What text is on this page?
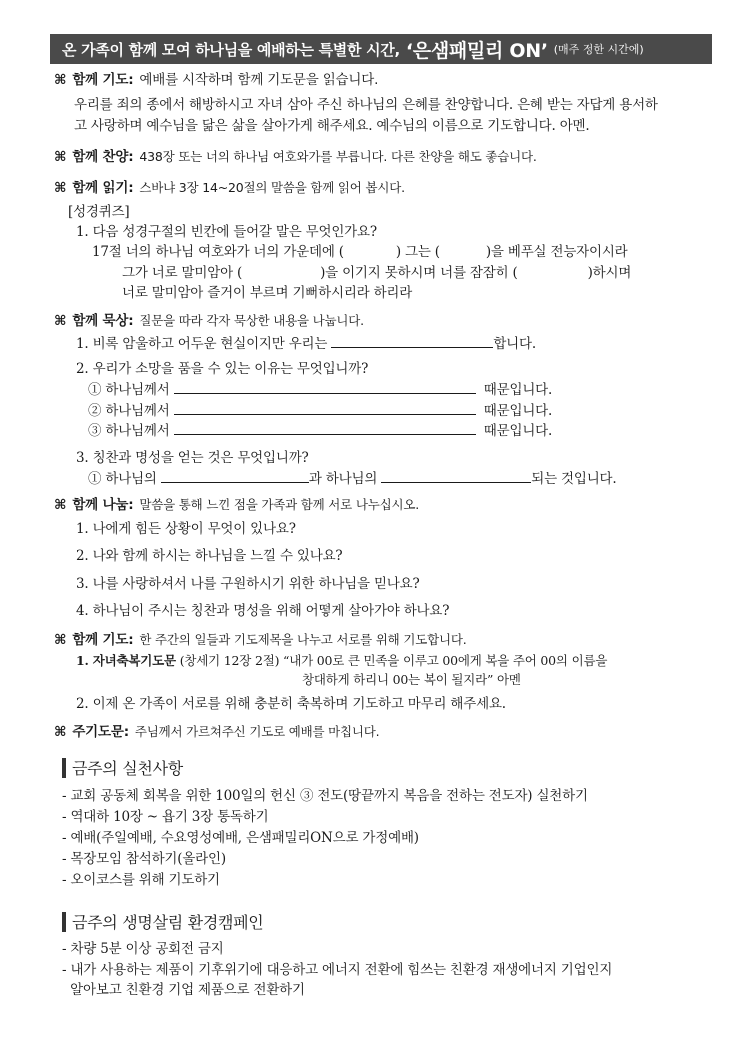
온 가족이 함께 모여 하나님을 예배하는 특별한 시간, ‘은샘패밀리 ON’ (매주 정한 시간에)
⌘ 함께 기도: 예배를 시작하며 함께 기도문을 읽습니다.
우리를 죄의 종에서 해방하시고 자녀 삼아 주신 하나님의 은혜를 찬양합니다. 은혜 받는 자답게 용서하
고 사랑하며 예수님을 닮은 삶을 살아가게 해주세요. 예수님의 이름으로 기도합니다. 아멘.
⌘ 함께 찬양: 438장 또는 너의 하나님 여호와가를 부릅니다. 다른 찬양을 해도 좋습니다.
⌘ 함께 읽기: 스바냐 3장 14~20절의 말씀을 함께 읽어 봅시다.
[성경퀴즈]
1. 다음 성경구절의 빈칸에 들어갈 말은 무엇인가요?
17절 너의 하나님 여호와가 너의 가운데에 (	) 그는 (	)을 베푸실 전능자이시라
그가 너로 말미암아 (	)을 이기지 못하시며 너를 잠잠히 (	)하시며
너로 말미암아 즐거이 부르며 기뻐하시리라 하리라
⌘ 함께 묵상: 질문을 따라 각자 묵상한 내용을 나눕니다.
1. 비록 암울하고 어두운 현실이지만 우리는	합니다.
2. 우리가 소망을 품을 수 있는 이유는 무엇입니까?
① 하나님께서	때문입니다.
② 하나님께서	때문입니다.
③ 하나님께서	때문입니다.
3. 칭찬과 명성을 얻는 것은 무엇입니까?
① 하나님의	과 하나님의	되는 것입니다.
⌘ 함께 나눔: 말씀을 통해 느낀 점을 가족과 함께 서로 나누십시오.
1. 나에게 힘든 상황이 무엇이 있나요?
2. 나와 함께 하시는 하나님을 느낄 수 있나요?
3. 나를 사랑하셔서 나를 구원하시기 위한 하나님을 믿나요?
4. 하나님이 주시는 칭찬과 명성을 위해 어떻게 살아가야 하나요?
⌘ 함께 기도: 한 주간의 일들과 기도제목을 나누고 서로를 위해 기도합니다.
1. 자녀축복기도문 (창세기 12장 2절) “내가 00로 큰 민족을 이루고 00에게 복을 주어 00의 이름을
창대하게 하리니 00는 복이 될지라” 아멘
2. 이제 온 가족이 서로를 위해 충분히 축복하며 기도하고 마무리 해주세요.
⌘ 주기도문: 주님께서 가르쳐주신 기도로 예배를 마칩니다.
금주의 실천사항
- 교회 공동체 회복을 위한 100일의 헌신 ③ 전도(땅끝까지 복음을 전하는 전도자) 실천하기
- 역대하 10장 ~ 욥기 3장 통독하기
- 예배(주일예배, 수요영성예배, 은샘패밀리ON으로 가정예배)
- 목장모임 참석하기(올라인)
- 오이코스를 위해 기도하기
금주의 생명살림 환경캠페인
- 차량 5분 이상 공회전 금지
- 내가 사용하는 제품이 기후위기에 대응하고 에너지 전환에 힘쓰는 친환경 재생에너지 기업인지
알아보고 친환경 기업 제품으로 전환하기
